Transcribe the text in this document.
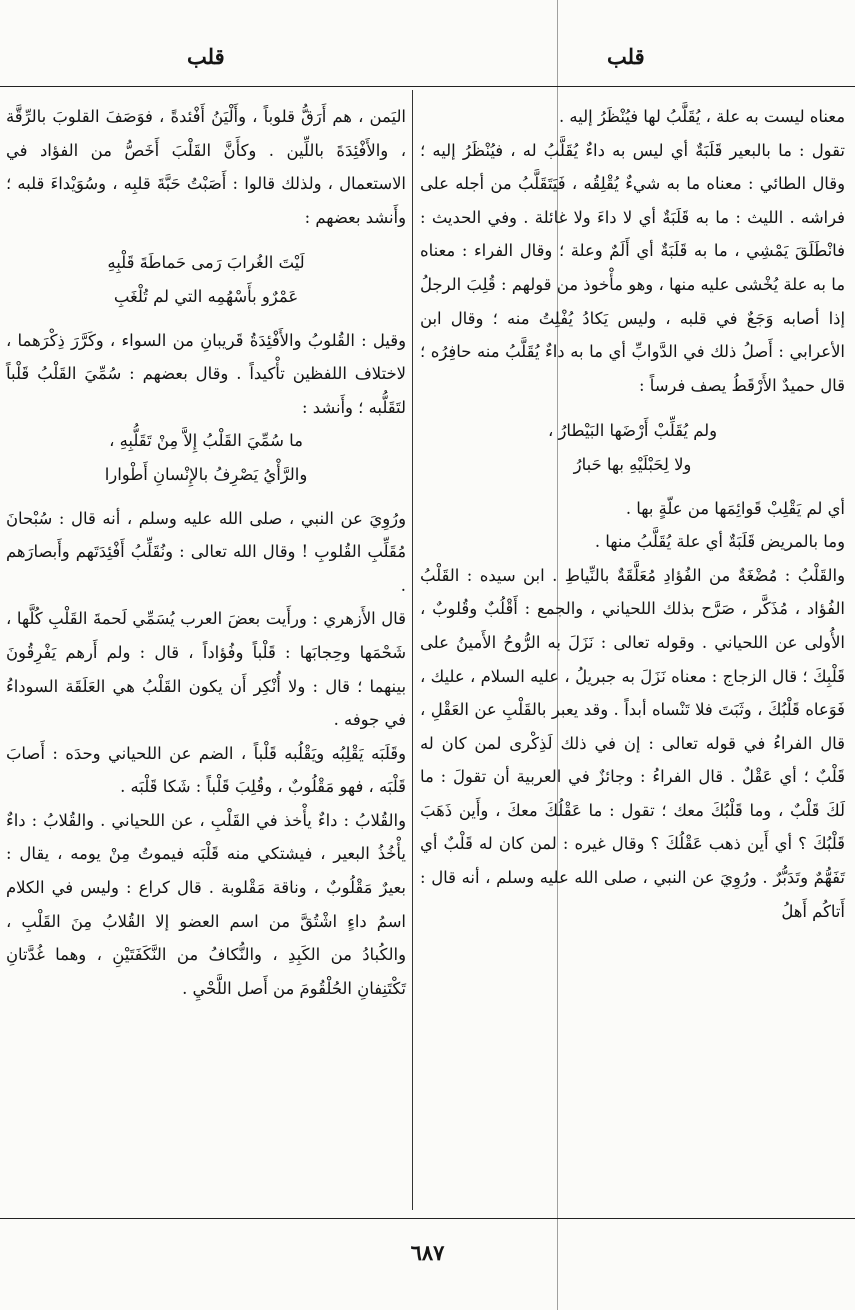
قلب
قلب

معناه ليست به علة ، يُقَلَّبُ لها فيُنْظَرُ إليه .

تقول : ما بالبعير قَلَبَةٌ أي ليس به داءٌ يُقَلَّبُ له ، فيُنْظَرُ إليه ؛ وقال الطائي : معناه ما به شيءٌ يُقْلِقُه ، فَيَتَقَلَّبُ من أجله على فراشه . الليث : ما به قَلَبَةٌ أي لا داءَ ولا غائلة . وفي الحديث : فانْطَلَقَ يَمْشِي ، ما به قَلَبَةٌ أي أَلَمٌ وعلة ؛ وقال الفراء : معناه ما به علة يُخْشى عليه منها ، وهو مأْخوذ من قولهم : قُلِبَ الرجلُ إذا أصابه وَجَعٌ في قلبه ، وليس يَكادُ يُفْلِتُ منه ؛ وقال ابن الأعرابي : أَصلُ ذلك في الدَّوابِّ أي ما به داءٌ يُقَلَّبُ منه حافِرُه ؛ قال حميدٌ الأَرْقَطُ يصف فرساً :

ولم يُقَلِّبْ أَرْضَها البَيْطارُ ،
ولا لِحَبْلَيْهِ بها حَبارُ

أي لم يَقْلِبْ قَوائِمَها من علّةٍ بها .

وما بالمريض قَلَبَةٌ أي علة يُقَلَّبُ منها .

والقَلْبُ : مُضْغَةٌ من الفُؤادِ مُعَلَّقَةٌ بالنِّياطِ . ابن سيده : القَلْبُ الفُؤاد ، مُذَكَّر ، صَرَّح بذلك اللحياني ، والجمع : أَقْلُبٌ وقُلوبٌ ، الأُولى عن اللحياني . وقوله تعالى : نَزَلَ به الرُّوحُ الأَمينُ على قَلْبِكَ ؛ قال الزجاج : معناه نَزَلَ به جبريلُ ، عليه السلام ، عليك ، فَوَعاه قَلْبُكَ ، وثَبَتَ فلا تَنْساه أبداً . وقد يعبر بالقَلْبِ عن العَقْلِ ، قال الفراءُ في قوله تعالى : إن في ذلك لَذِكْرى لمن كان له قَلْبٌ ؛ أي عَقْلٌ . قال الفراءُ : وجائزٌ في العربية أن تقولَ : ما لَكَ قَلْبٌ ، وما قَلْبُكَ معك ؛ تقول : ما عَقْلُكَ معكَ ، وأَين ذَهَبَ قَلْبُكَ ؟ أي أَين ذهب عَقْلُكَ ؟ وقال غيره : لمن كان له قَلْبٌ أي تَفَهُّمٌ وتَدَبُّرٌ . ورُوِيَ عن النبي ، صلى الله عليه وسلم ، أنه قال : أَتاكُم أَهلُ

اليَمن ، هم أَرَقُّ قلوباً ، وأَلْيَنُ أَفْئدةً ، فوَصَفَ القلوبَ بالرِّقَّة ، والأَفْئِدَةَ باللِّين . وكأَنَّ القَلْبَ أَخَصُّ من الفؤاد في الاستعمال ، ولذلك قالوا : أَصَبْتُ حَبَّةَ قلبِه ، وسُوَيْداءَ قلبه ؛ وأَنشد بعضهم :

لَيْتَ الغُرابَ رَمى حَماطَةَ قَلْبِهِ
عَمْرٌو بأَسْهُمِه التي لم تُلْغَبِ

وقيل : القُلوبُ والأَفْئِدَةُ قَريبانِ من السواء ، وكَرَّرَ ذِكْرَهما ، لاختلاف اللفظين تأْكيداً . وقال بعضهم : سُمِّيَ القَلْبُ قَلْباً لتَقَلُّبه ؛ وأَنشد :

ما سُمِّيَ القَلْبُ إِلاَّ مِنْ تَقَلُّبِهِ ،
والرَّأْيُ يَصْرِفُ بالإِنْسانِ أَطْوارا

ورُوِيَ عن النبي ، صلى الله عليه وسلم ، أنه قال : سُبْحانَ مُقَلِّبِ القُلوبِ ! وقال الله تعالى : ونُقَلِّبُ أَفْئِدَتَهم وأَبصارَهم .

قال الأَزهري : ورأَيت بعضَ العرب يُسَمِّي لَحمةَ القَلْبِ كُلَّها ، شَحْمَها وحِجابَها : قَلْباً وفُؤاداً ، قال : ولم أَرهم يَفْرِقُونَ بينهما ؛ قال : ولا أُنْكِر أَن يكون القَلْبُ هي العَلَقَة السوداءُ في جوفه .

وقَلَبَه يَقْلِبُه ويَقْلُبه قَلْباً ، الضم عن اللحياني وحدَه : أَصابَ قَلْبَه ، فهو مَقْلُوبٌ ، وقُلِبَ قَلْباً : شَكا قَلْبَه .

والقُلابُ : داءٌ يأْخذ في القَلْبِ ، عن اللحياني . والقُلابُ : داءٌ يأْخُذُ البعير ، فيشتكي منه قَلْبَه فيموتُ مِنْ يومه ، يقال : بعيرٌ مَقْلُوبٌ ، وناقة مَقْلوبة . قال كراع : وليس في الكلام اسمُ داءٍ اشْتُقَّ من اسم العضو إلا القُلابُ مِنَ القَلْبِ ، والكُبادُ من الكَبِدِ ، والنُّكافُ من النَّكَفَتَيْنِ ، وهما غُدَّتانِ تَكْتَنِفانِ الحُلْقُومَ من أَصل اللَّحْيِ .

٦٨٧
